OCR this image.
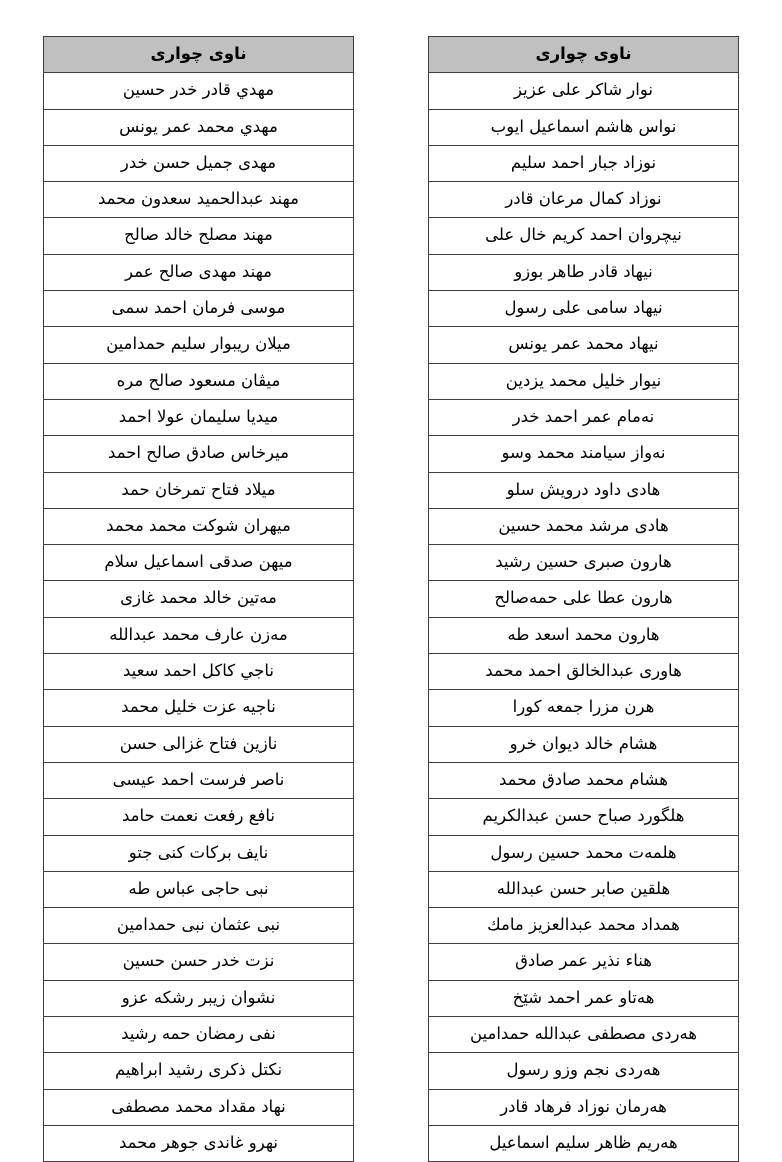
ناوی چواری
مهدي قادر خدر حسين
مهدي محمد عمر يونس
مهدی جميل حسن خدر
مهند عبدالحميد سعدون محمد
مهند مصلح خالد صالح
مهند مهدی صالح عمر
موسی فرمان احمد سمی
ميلان ريبوار سليم حمدامين
ميڤان مسعود صالح مره
ميديا سليمان عولا احمد
ميرخاس صادق صالح احمد
ميلاد فتاح تمرخان حمد
ميهران شوكت محمد محمد
ميهن صدقی اسماعيل سلام
مەتين خالد محمد غازی
مەزن عارف محمد عبدالله
ناجي كاكل احمد سعيد
ناجيه عزت خليل محمد
نازين فتاح غزالی حسن
ناصر فرست احمد عيسی
نافع رفعت نعمت حامد
نايف بركات كنی جتو
نبی حاجی عباس طه
نبی عثمان نبی حمدامين
نزت خدر حسن حسين
نشوان زيبر رشكه عزو
نفی رمضان حمه رشيد
نكتل ذكری رشيد ابراهيم
نهاد مقداد محمد مصطفی
نهرو غاندی جوهر محمد
ناوی چواری
نوار شاكر علی عزيز
نواس هاشم اسماعيل ايوب
نوزاد جبار احمد سليم
نوزاد كمال مرعان قادر
نيچروان احمد كريم خال علی
نيهاد قادر طاهر بوزو
نيهاد سامی علی رسول
نيهاد محمد عمر يونس
نيوار خليل محمد يزدين
نەمام عمر احمد خدر
نەواز سيامند محمد وسو
هادی داود درويش سلو
هادی مرشد محمد حسين
هارون صبری حسين رشيد
هارون عطا علی حمەصالح
هارون محمد اسعد طه
هاوری عبدالخالق احمد محمد
هرن مزرا جمعه كورا
هشام خالد ديوان خرو
هشام محمد صادق محمد
هلگورد صباح حسن عبدالكريم
هلمەت محمد حسين رسول
هلقين صابر حسن عبدالله
همداد محمد عبدالعزيز مامك
هناء نذير عمر صادق
هەتاو عمر احمد شێخ
هەردی مصطفی عبدالله حمدامين
هەردی نجم وزو رسول
هەرمان نوزاد فرهاد قادر
هەريم ظاهر سليم اسماعيل
